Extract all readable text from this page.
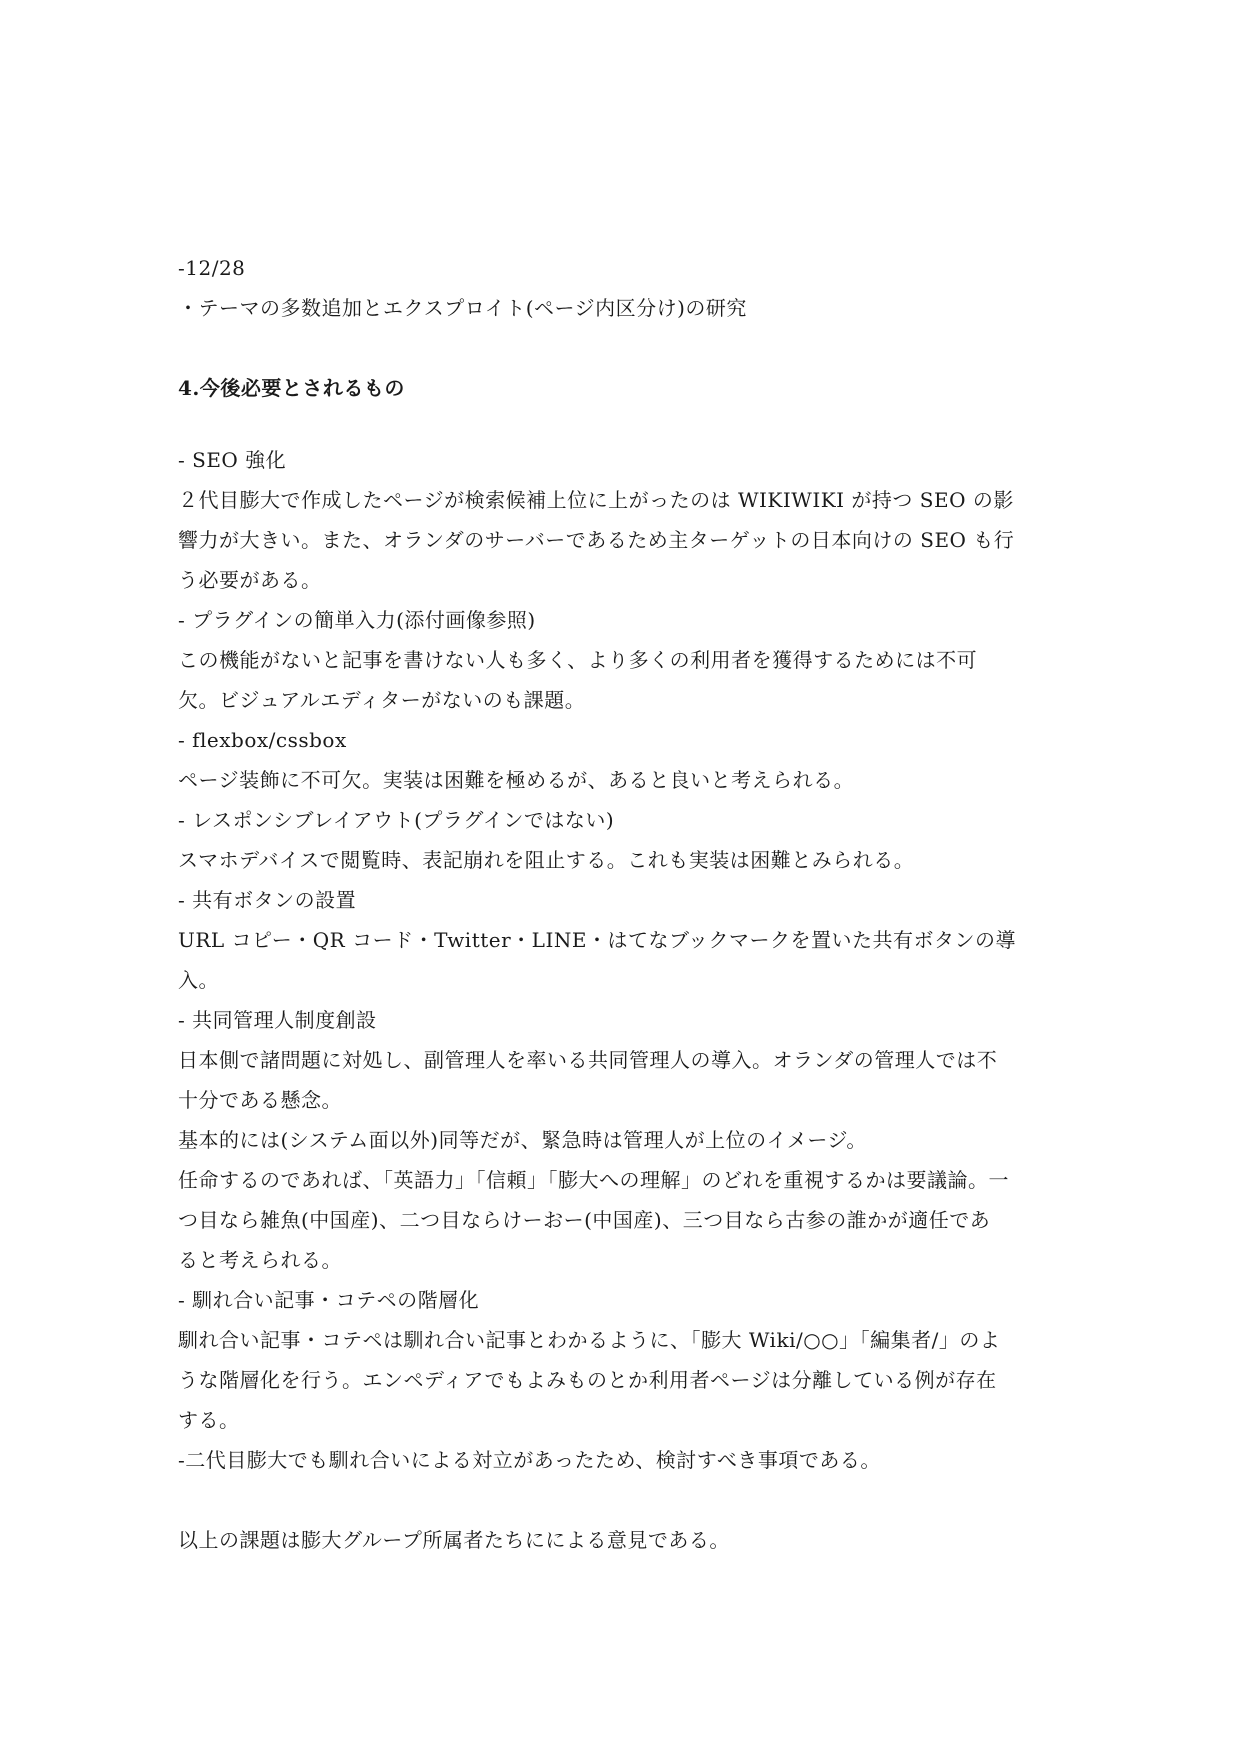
-12/28
・テーマの多数追加とエクスプロイト(ページ内区分け)の研究
4.今後必要とされるもの
- SEO 強化
２代目膨大で作成したページが検索候補上位に上がったのは WIKIWIKI が持つ SEO の影
響力が大きい。また、オランダのサーバーであるため主ターゲットの日本向けの SEO も行
う必要がある。
- プラグインの簡単入力(添付画像参照)
この機能がないと記事を書けない人も多く、より多くの利用者を獲得するためには不可
欠。ビジュアルエディターがないのも課題。
- flexbox/cssbox
ページ装飾に不可欠。実装は困難を極めるが、あると良いと考えられる。
- レスポンシブレイアウト(プラグインではない)
スマホデバイスで閲覧時、表記崩れを阻止する。これも実装は困難とみられる。
- 共有ボタンの設置
URL コピー・QR コード・Twitter・LINE・はてなブックマークを置いた共有ボタンの導
入。
- 共同管理人制度創設
日本側で諸問題に対処し、副管理人を率いる共同管理人の導入。オランダの管理人では不
十分である懸念。
基本的には(システム面以外)同等だが、緊急時は管理人が上位のイメージ。
任命するのであれば、「英語力」「信頼」「膨大への理解」のどれを重視するかは要議論。一
つ目なら雑魚(中国産)、二つ目ならけーおー(中国産)、三つ目なら古参の誰かが適任であ
ると考えられる。
- 馴れ合い記事・コテペの階層化
馴れ合い記事・コテペは馴れ合い記事とわかるように、「膨大 Wiki/○○」「編集者/」のよ
うな階層化を行う。エンペディアでもよみものとか利用者ページは分離している例が存在
する。
-二代目膨大でも馴れ合いによる対立があったため、検討すべき事項である。
以上の課題は膨大グループ所属者たちにによる意見である。
